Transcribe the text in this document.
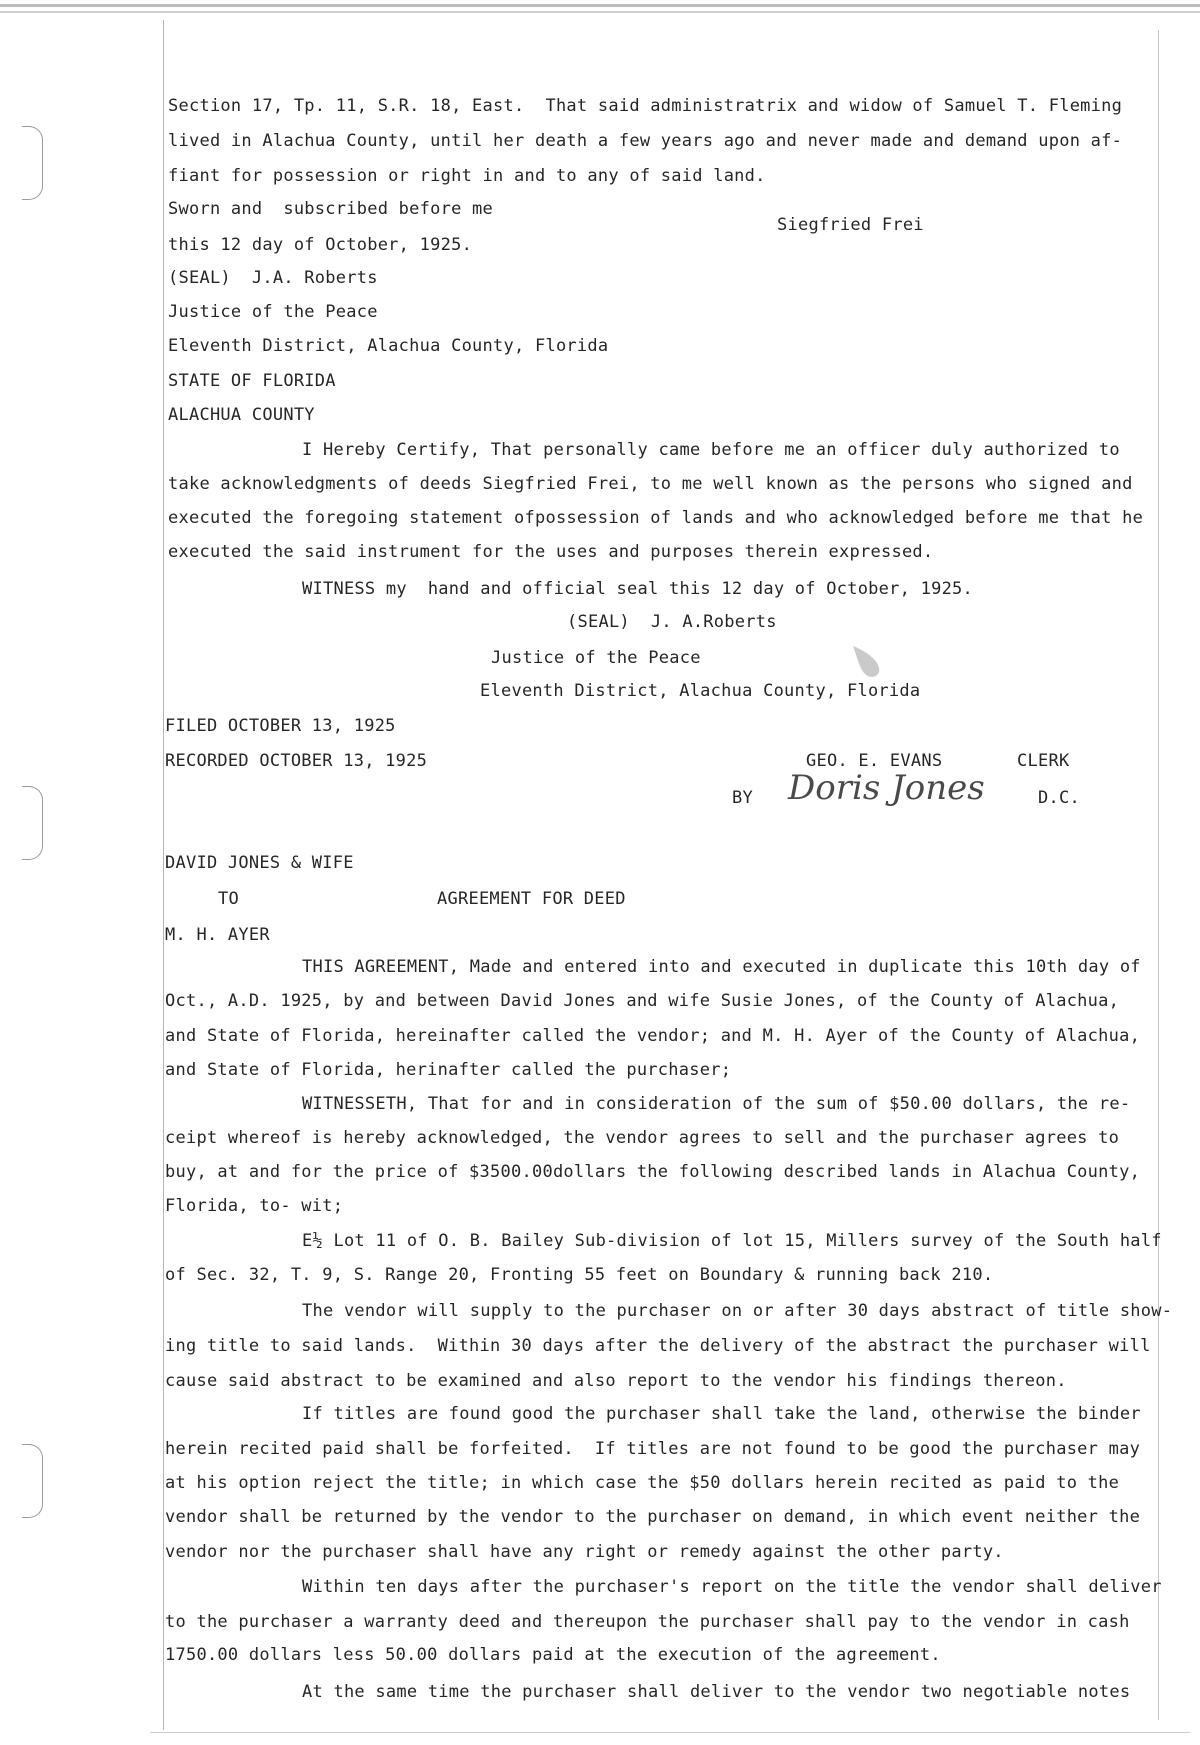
Section 17, Tp. 11, S.R. 18, East.  That said administratrix and widow of Samuel T. Fleming
lived in Alachua County, until her death a few years ago and never made and demand upon af-
fiant for possession or right in and to any of said land.
Sworn and  subscribed before me
Siegfried Frei
this 12 day of October, 1925.
(SEAL)  J.A. Roberts
Justice of the Peace
Eleventh District, Alachua County, Florida
STATE OF FLORIDA
ALACHUA COUNTY
I Hereby Certify, That personally came before me an officer duly authorized to
take acknowledgments of deeds Siegfried Frei, to me well known as the persons who signed and
executed the foregoing statement ofpossession of lands and who acknowledged before me that he
executed the said instrument for the uses and purposes therein expressed.
WITNESS my  hand and official seal this 12 day of October, 1925.
(SEAL)  J. A.Roberts
Justice of the Peace
Eleventh District, Alachua County, Florida
FILED OCTOBER 13, 1925
RECORDED OCTOBER 13, 1925	GEO. E. EVANS	CLERK
BY Doris Jones	D.C.
DAVID JONES & WIFE
TO	AGREEMENT FOR DEED
M. H. AYER
THIS AGREEMENT, Made and entered into and executed in duplicate this 10th day of
Oct., A.D. 1925, by and between David Jones and wife Susie Jones, of the County of Alachua,
and State of Florida, hereinafter called the vendor; and M. H. Ayer of the County of Alachua,
and State of Florida, herinafter called the purchaser;
WITNESSETH, That for and in consideration of the sum of $50.00 dollars, the re-
ceipt whereof is hereby acknowledged, the vendor agrees to sell and the purchaser agrees to
buy, at and for the price of $3500.00dollars the following described lands in Alachua County,
Florida, to- wit;
E½ Lot 11 of O. B. Bailey Sub-division of lot 15, Millers survey of the South half
of Sec. 32, T. 9, S. Range 20, Fronting 55 feet on Boundary & running back 210.
The vendor will supply to the purchaser on or after 30 days abstract of title show-
ing title to said lands.  Within 30 days after the delivery of the abstract the purchaser will
cause said abstract to be examined and also report to the vendor his findings thereon.
If titles are found good the purchaser shall take the land, otherwise the binder
herein recited paid shall be forfeited.  If titles are not found to be good the purchaser may
at his option reject the title; in which case the $50 dollars herein recited as paid to the
vendor shall be returned by the vendor to the purchaser on demand, in which event neither the
vendor nor the purchaser shall have any right or remedy against the other party.
Within ten days after the purchaser's report on the title the vendor shall deliver
to the purchaser a warranty deed and thereupon the purchaser shall pay to the vendor in cash
1750.00 dollars less 50.00 dollars paid at the execution of the agreement.
At the same time the purchaser shall deliver to the vendor two negotiable notes
